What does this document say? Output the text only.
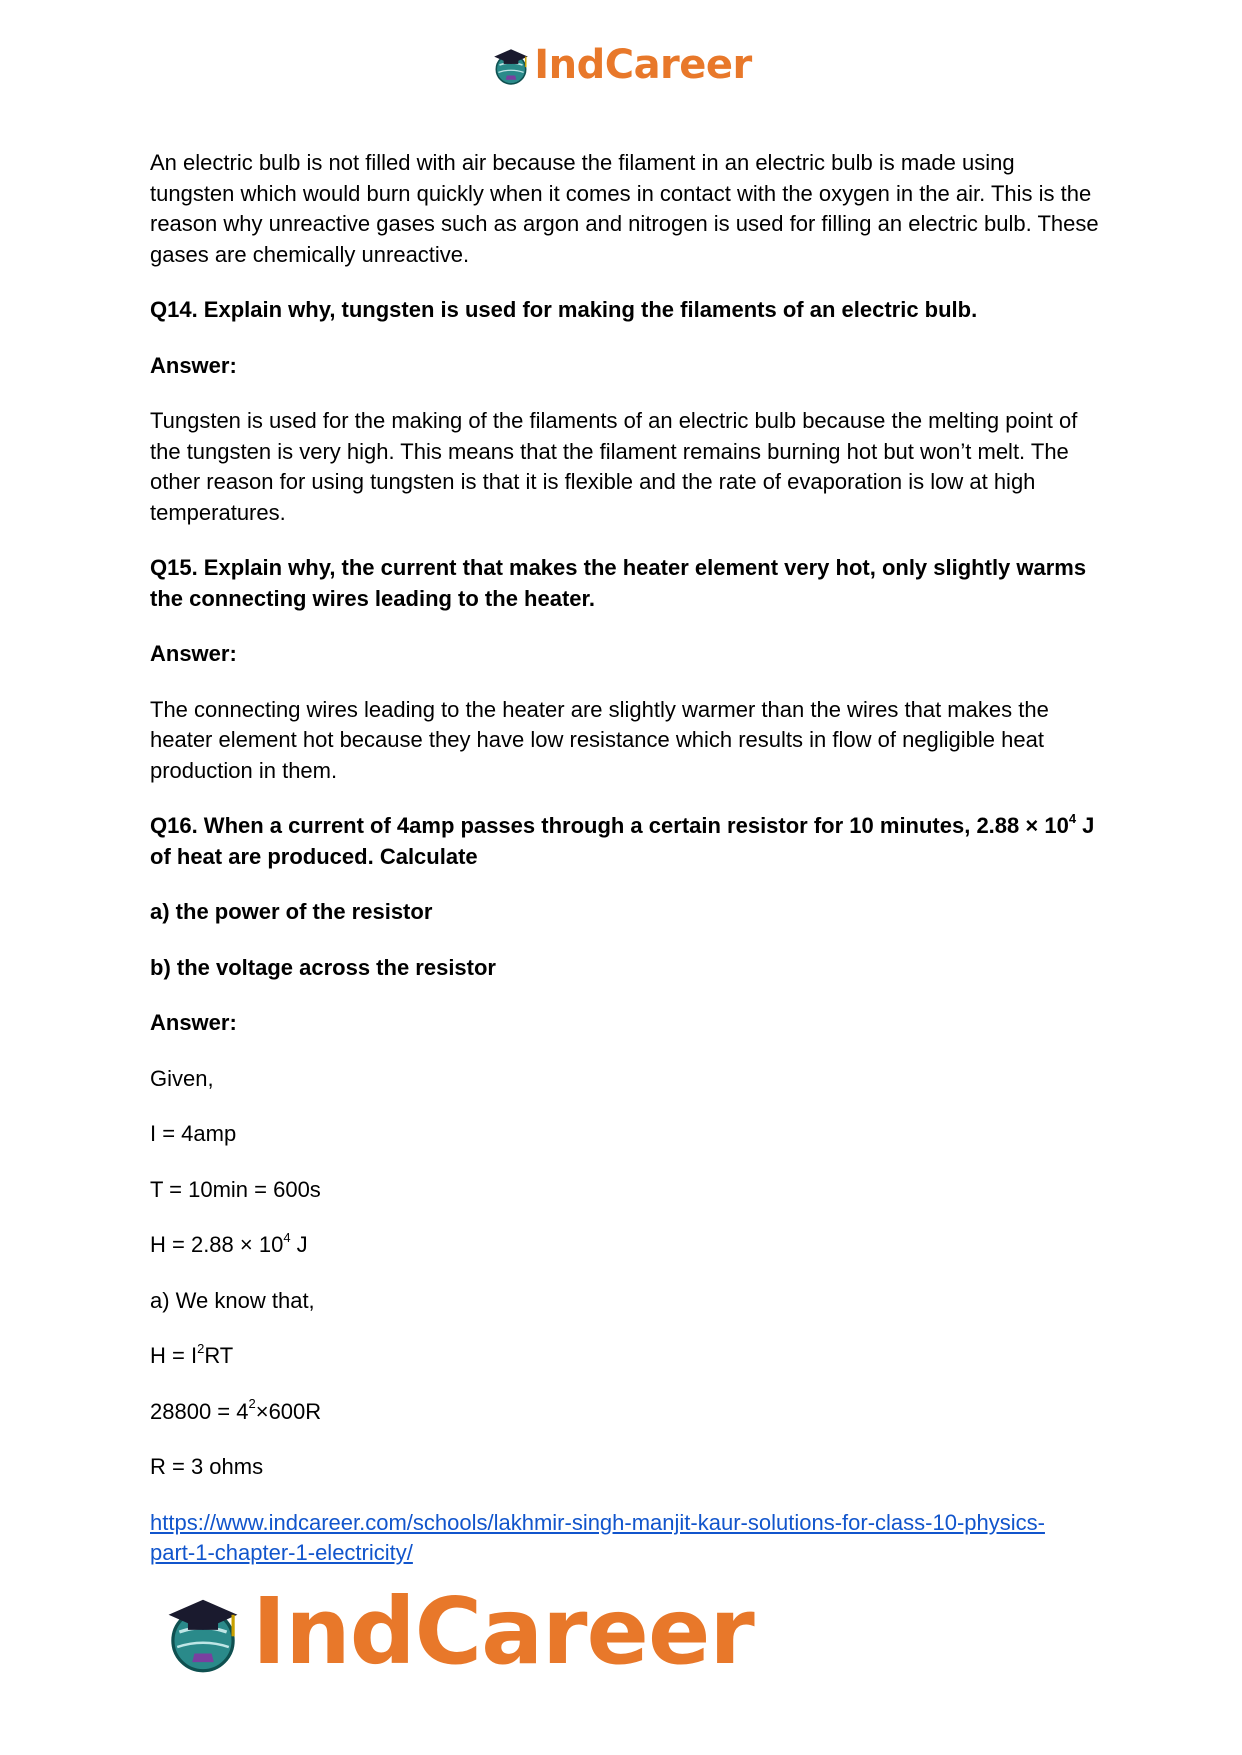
IndCareer

An electric bulb is not filled with air because the filament in an electric bulb is made using tungsten which would burn quickly when it comes in contact with the oxygen in the air. This is the reason why unreactive gases such as argon and nitrogen is used for filling an electric bulb. These gases are chemically unreactive.

Q14. Explain why, tungsten is used for making the filaments of an electric bulb.

Answer:

Tungsten is used for the making of the filaments of an electric bulb because the melting point of the tungsten is very high. This means that the filament remains burning hot but won’t melt. The other reason for using tungsten is that it is flexible and the rate of evaporation is low at high temperatures.

Q15. Explain why, the current that makes the heater element very hot, only slightly warms the connecting wires leading to the heater.

Answer:

The connecting wires leading to the heater are slightly warmer than the wires that makes the heater element hot because they have low resistance which results in flow of negligible heat production in them.

Q16. When a current of 4amp passes through a certain resistor for 10 minutes, $2.88 \times 10^4$ J of heat are produced. Calculate

a) the power of the resistor

b) the voltage across the resistor

Answer:

Given,

I = 4amp

T = 10min = 600s

$H = 2.88 \times 10^4$ J

a) We know that,

$H = I^2RT$

$28800 = 4^2\times 600R$

R = 3 ohms

https://www.indcareer.com/schools/lakhmir-singh-manjit-kaur-solutions-for-class-10-physics-
part-1-chapter-1-electricity/
IndCareer
